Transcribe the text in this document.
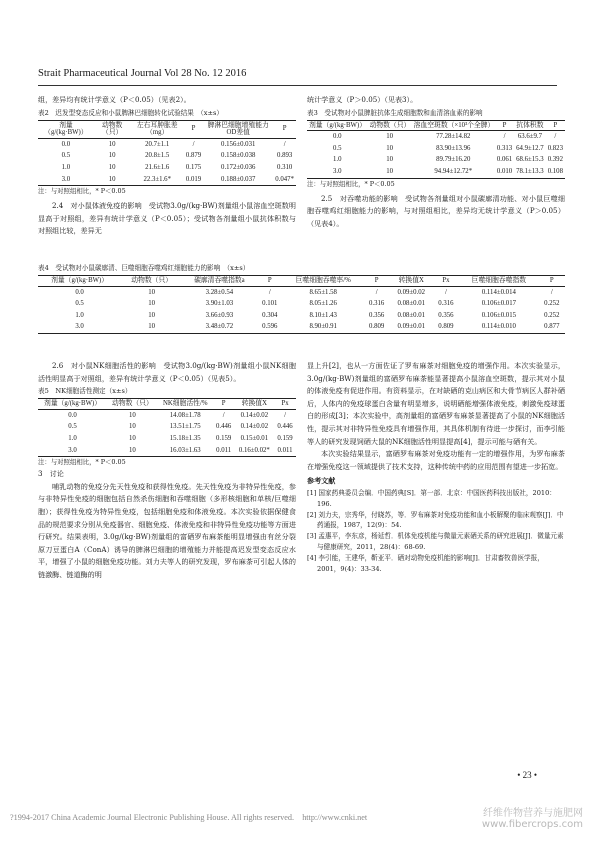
Strait Pharmaceutical Journal Vol 28 No. 12 2016
组，差异均有统计学意义（P＜0.05）（见表2）。
表2　迟发型变态反应和小鼠脾淋巴细胞转化试验结果　（x±s）
剂量（g/(kg·BW)）	动物数（只）	左右耳肿胀差（mg）	P	脾淋巴细胞增殖能力 OD差值	P
0.0	10	20.7±1.1	/	0.156±0.031	/
0.5	10	20.8±1.5	0.879	0.158±0.038	0.893
1.0	10	21.6±1.6	0.175	0.172±0.036	0.310
3.0	10	22.3±1.6*	0.019	0.188±0.037	0.047*
注：与对照组相比，* P＜0.05
2.4　对小鼠体液免疫的影响　受试物3.0g/(kg·BW)剂量组小鼠溶血空斑数明显高于对照组，差异有统计学意义（P＜0.05）；受试物各剂量组小鼠抗体积数与对照组比较，差异无
统计学意义（P＞0.05）（见表3）。
表3　受试物对小鼠脾脏抗体生成细胞数和血清溶血素的影响
剂量（g/(kg·BW)）	动物数（只）	溶血空斑数（×10³个全脾）	P	抗体积数	P
0.0	10	77.28±14.82	/	63.6±9.7	/
0.5	10	83.90±13.96	0.313	64.9±12.7	0.823
1.0	10	89.79±16.20	0.061	68.6±15.3	0.392
3.0	10	94.94±12.72*	0.010	78.1±13.3	0.108
注：与对照组相比，* P＜0.05
2.5　对吞噬功能的影响　受试物各剂量组对小鼠碳廓清功能、对小鼠巨噬细胞吞噬鸡红细胞能力的影响，与对照组相比，差异均无统计学意义（P＞0.05）（见表4）。
表4　受试物对小鼠碳廓清、巨噬细胞吞噬鸡红细胞能力的影响　（x±s）
剂量（g/(kg·BW)）	动物数（只）	碳廓清吞噬指数a	P	巨噬细胞吞噬率/%	P	转换值X	Px	巨噬细胞吞噬指数	P
0.0	10	3.28±0.54	/	8.65±1.58	/	0.09±0.02	/	0.114±0.014	/
0.5	10	3.90±1.03	0.101	8.05±1.26	0.316	0.08±0.01	0.316	0.106±0.017	0.252
1.0	10	3.66±0.93	0.304	8.10±1.43	0.356	0.08±0.01	0.356	0.106±0.015	0.252
3.0	10	3.48±0.72	0.596	8.90±0.91	0.809	0.09±0.01	0.809	0.114±0.010	0.877
2.6　对小鼠NK细胞活性的影响　受试物3.0g/(kg·BW)剂量组小鼠NK细胞活性明显高于对照组，差异有统计学意义（P＜0.05）（见表5）。
表5　NK细胞活性测定（x±s）
剂量（g/(kg·BW)）	动物数（只）	NK细胞活性/%	P	转换值X	Px
0.0	10	14.08±1.78	/	0.14±0.02	/
0.5	10	13.51±1.75	0.446	0.14±0.02	0.446
1.0	10	15.18±1.35	0.159	0.15±0.01	0.159
3.0	10	16.03±1.63	0.011	0.16±0.02*	0.011
注：与对照组相比，* P＜0.05
3　讨论
哺乳动物的免疫分先天性免疫和获得性免疫。先天性免疫为非特异性免疫，参与非特异性免疫的细胞包括自然杀伤细胞和吞噬细胞（多形核细胞和单核/巨噬细胞）；获得性免疫为特异性免疫，包括细胞免疫和体液免疫。本次实验依据保健食品的规范要求分别从免疫器官、细胞免疫、体液免疫和非特异性免疫功能等方面进行研究。结果表明，3.0g/(kg·BW)剂量组的富硒罗布麻茶能明显增强由有丝分裂原刀豆蛋白A（ConA）诱导的脾淋巴细胞的增殖能力并能提高迟发型变态反应水平，增强了小鼠的细胞免疫功能。刘力夫等人的研究发现，罗布麻茶可引起人体的链激酶、链道酶的明
显上升[2]，也从一方面佐证了罗布麻茶对细胞免疫的增强作用。本次实验显示，3.0g/(kg·BW)剂量组的富硒罗布麻茶能显著提高小鼠溶血空斑数，提示其对小鼠的体液免疫有促进作用。有资料显示，在对缺硒的克山病区和大骨节病区人群补硒后，人体内的免疫球蛋白含量有明显增多，说明硒能增强体液免疫，刺激免疫球蛋白的形成[3]；本次实验中，高剂量组的富硒罗布麻茶显著提高了小鼠的NK细胞活性，提示其对非特异性免疫具有增强作用，其具体机制有待进一步探讨，而李引能等人的研究发现饲硒大鼠的NK细胞活性明显提高[4]，提示可能与硒有关。
本次实验结果显示，富硒罗布麻茶对免疫功能有一定的增强作用，为罗布麻茶在增强免疫这一领域提供了技术支持，这种传统中药的应用范围有望进一步拓宽。
参考文献
[1] 国家药典委员会编．中国药典[S]．第一部．北京：中国医药科技出版社，2010：196.
[2] 刘力夫，宗秀华，付晓苏，等．罗布麻茶对免疫功能和血小板解聚的临床观察[J]．中药通报，1987，12(9)：54.
[3] 孟惠平，李东彦，杨延哲．机体免疫机能与微量元素硒关系的研究进展[J]．微量元素与健康研究，2011，28(4)：68-69.
[4] 李引能，王建华，靳亚平．硒对动物免疫机能的影响[J]．甘肃畜牧兽医学报，2001，9(4)：33-34.
• 23 •
?1994-2017 China Academic Journal Electronic Publishing House. All rights reserved.　http://www.cnki.net	纤维作物营养与施肥网
www.fibercrops.com
